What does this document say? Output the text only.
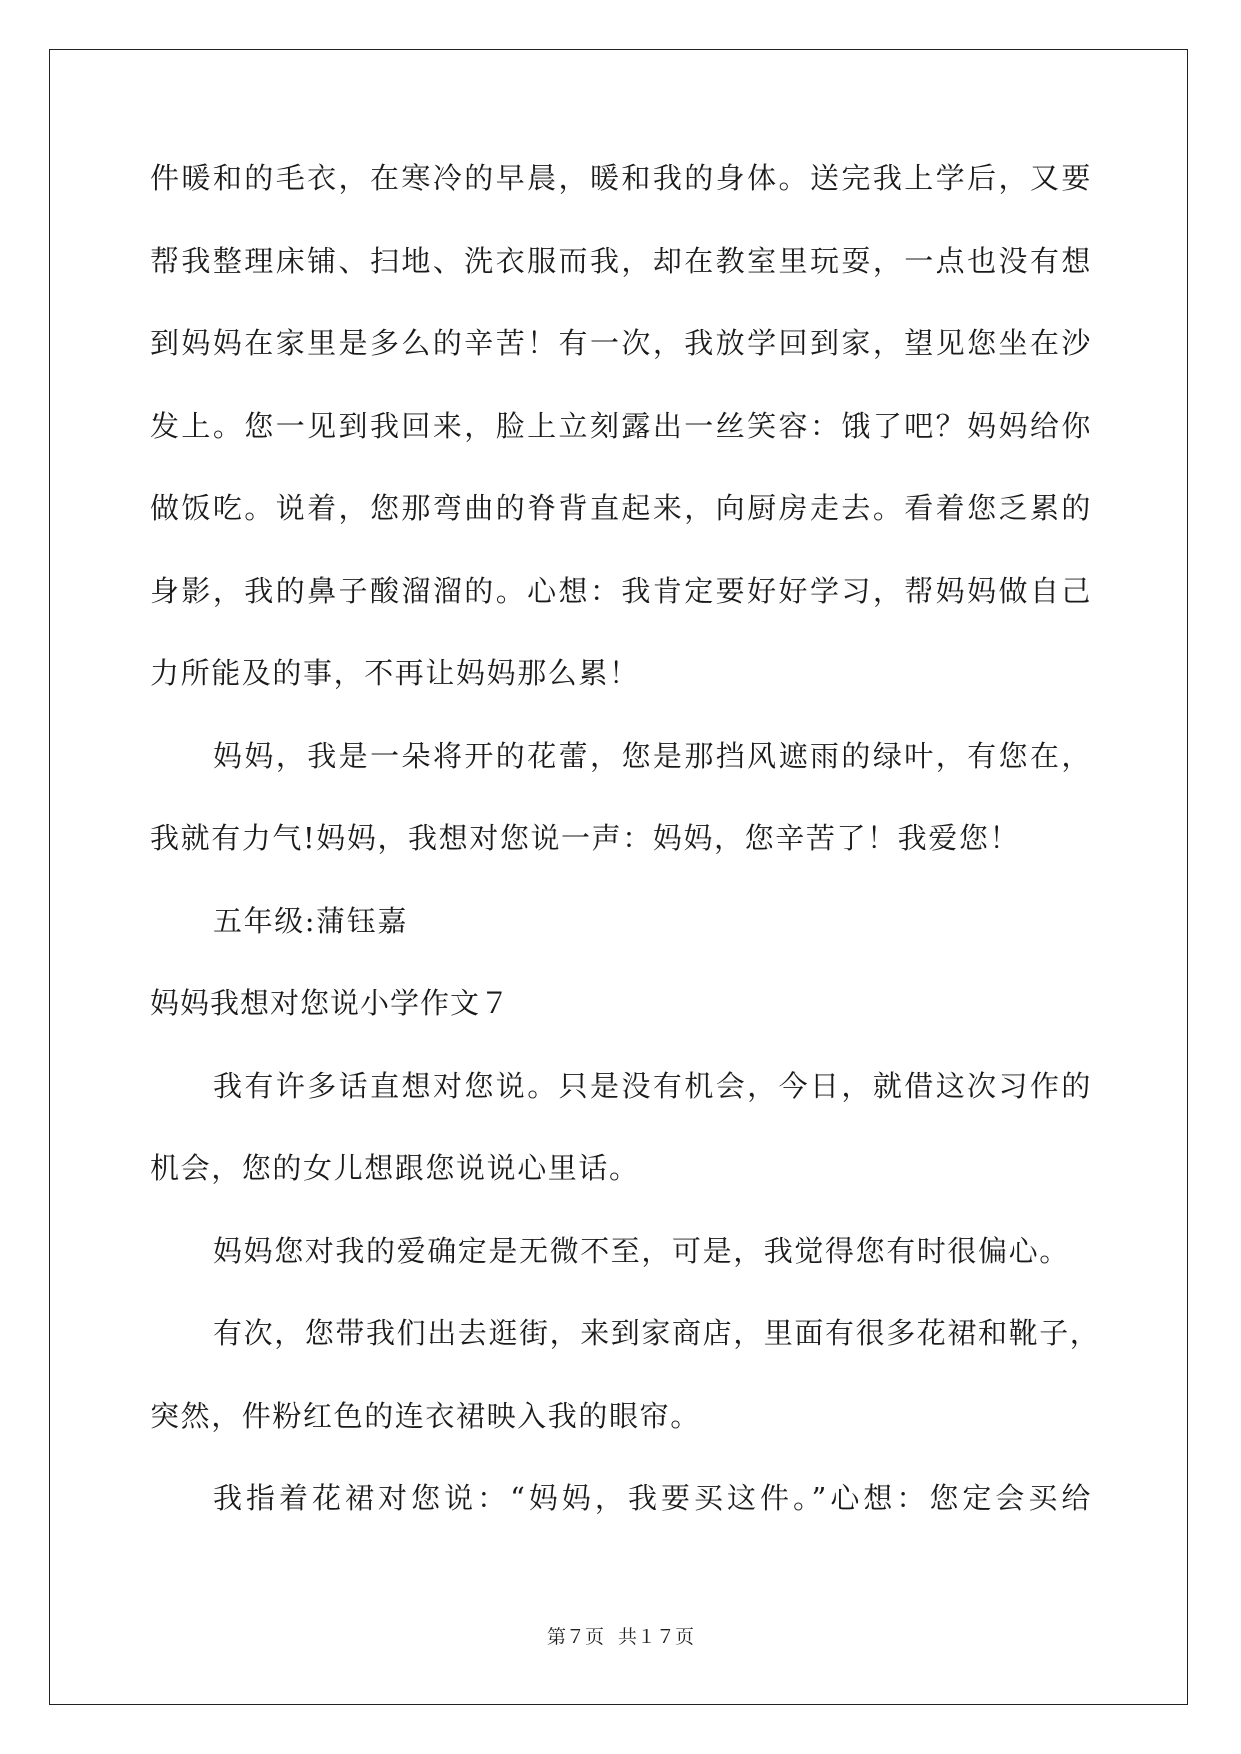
件暖和的毛衣，在寒冷的早晨，暖和我的身体。送完我上学后，又要
帮我整理床铺、扫地、洗衣服而我，却在教室里玩耍，一点也没有想
到妈妈在家里是多么的辛苦！有一次，我放学回到家，望见您坐在沙
发上。您一见到我回来，脸上立刻露出一丝笑容：饿了吧？妈妈给你
做饭吃。说着，您那弯曲的脊背直起来，向厨房走去。看着您乏累的
身影，我的鼻子酸溜溜的。心想：我肯定要好好学习，帮妈妈做自己
力所能及的事，不再让妈妈那么累！
妈妈，我是一朵将开的花蕾，您是那挡风遮雨的绿叶，有您在，
我就有力气!妈妈，我想对您说一声：妈妈，您辛苦了！我爱您！
五年级:蒲钰嘉
妈妈我想对您说小学作文７
我有许多话直想对您说。只是没有机会，今日，就借这次习作的
机会，您的女儿想跟您说说心里话。
妈妈您对我的爱确定是无微不至，可是，我觉得您有时很偏心。
有次，您带我们出去逛街，来到家商店，里面有很多花裙和靴子，
突然，件粉红色的连衣裙映入我的眼帘。
我指着花裙对您说：“妈妈，我要买这件。”心想：您定会买给
第７页 共１７页
